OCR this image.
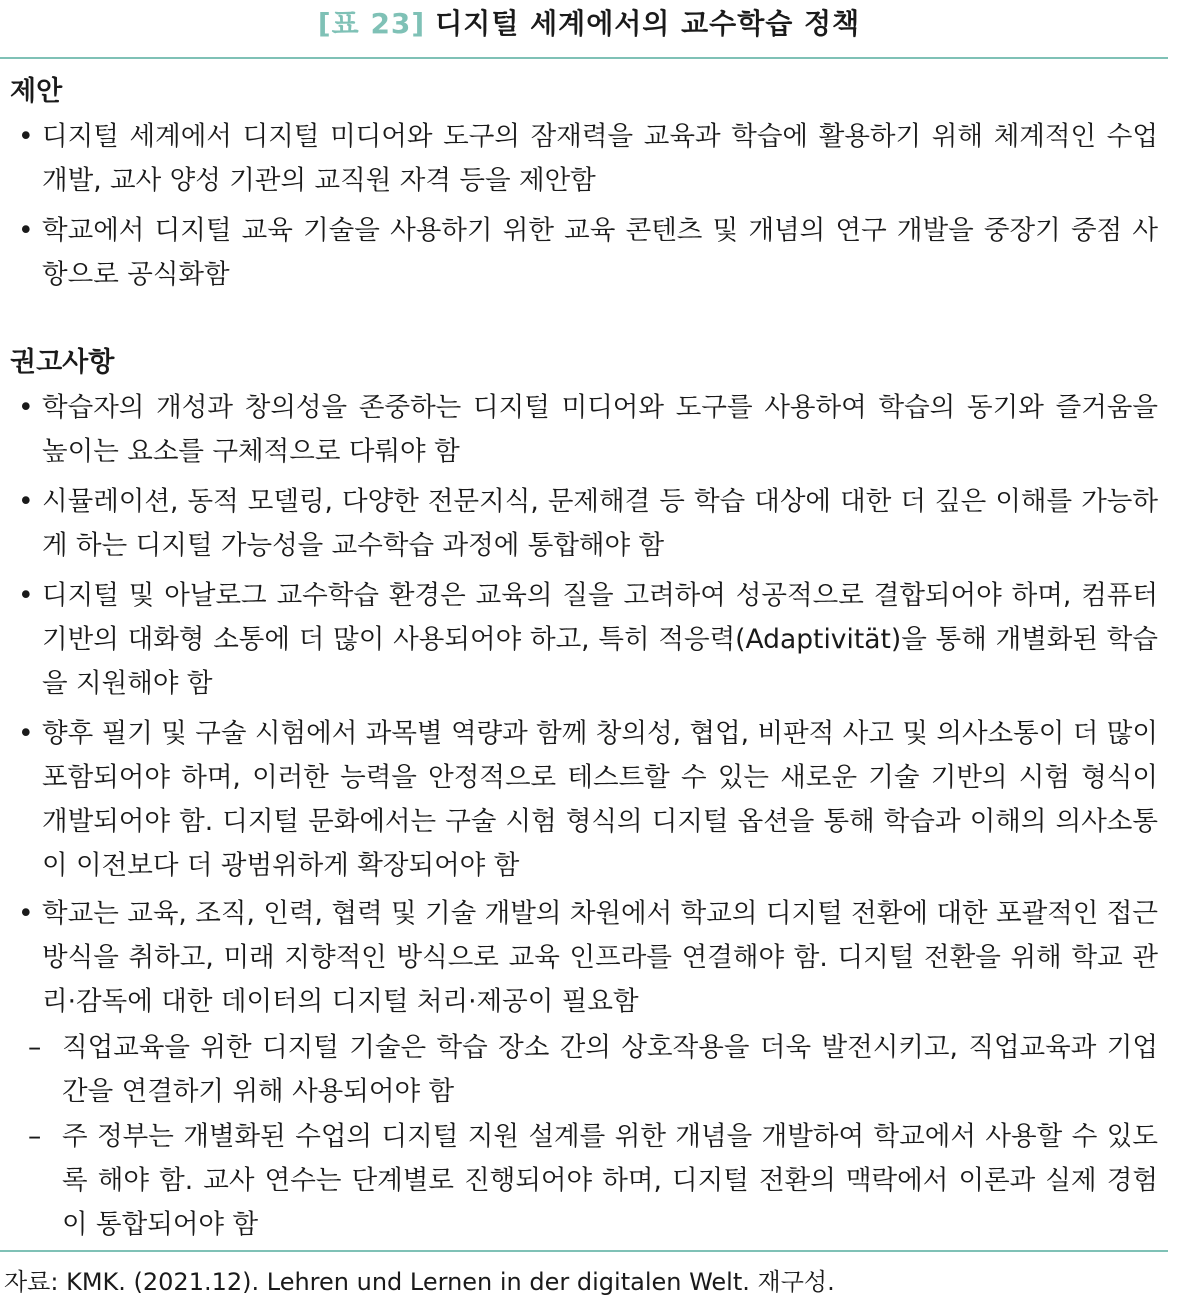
[표 23] 디지털 세계에서의 교수학습 정책
제안
• 디지털 세계에서 디지털 미디어와 도구의 잠재력을 교육과 학습에 활용하기 위해 체계적인 수업 개발, 교사 양성 기관의 교직원 자격 등을 제안함
• 학교에서 디지털 교육 기술을 사용하기 위한 교육 콘텐츠 및 개념의 연구 개발을 중장기 중점 사항으로 공식화함
권고사항
• 학습자의 개성과 창의성을 존중하는 디지털 미디어와 도구를 사용하여 학습의 동기와 즐거움을 높이는 요소를 구체적으로 다뤄야 함
• 시뮬레이션, 동적 모델링, 다양한 전문지식, 문제해결 등 학습 대상에 대한 더 깊은 이해를 가능하게 하는 디지털 가능성을 교수학습 과정에 통합해야 함
• 디지털 및 아날로그 교수학습 환경은 교육의 질을 고려하여 성공적으로 결합되어야 하며, 컴퓨터 기반의 대화형 소통에 더 많이 사용되어야 하고, 특히 적응력(Adaptivität)을 통해 개별화된 학습을 지원해야 함
• 향후 필기 및 구술 시험에서 과목별 역량과 함께 창의성, 협업, 비판적 사고 및 의사소통이 더 많이 포함되어야 하며, 이러한 능력을 안정적으로 테스트할 수 있는 새로운 기술 기반의 시험 형식이 개발되어야 함. 디지털 문화에서는 구술 시험 형식의 디지털 옵션을 통해 학습과 이해의 의사소통이 이전보다 더 광범위하게 확장되어야 함
• 학교는 교육, 조직, 인력, 협력 및 기술 개발의 차원에서 학교의 디지털 전환에 대한 포괄적인 접근 방식을 취하고, 미래 지향적인 방식으로 교육 인프라를 연결해야 함. 디지털 전환을 위해 학교 관리·감독에 대한 데이터의 디지털 처리·제공이 필요함
– 직업교육을 위한 디지털 기술은 학습 장소 간의 상호작용을 더욱 발전시키고, 직업교육과 기업 간을 연결하기 위해 사용되어야 함
– 주 정부는 개별화된 수업의 디지털 지원 설계를 위한 개념을 개발하여 학교에서 사용할 수 있도록 해야 함. 교사 연수는 단계별로 진행되어야 하며, 디지털 전환의 맥락에서 이론과 실제 경험이 통합되어야 함
자료: KMK. (2021.12). Lehren und Lernen in der digitalen Welt. 재구성.
